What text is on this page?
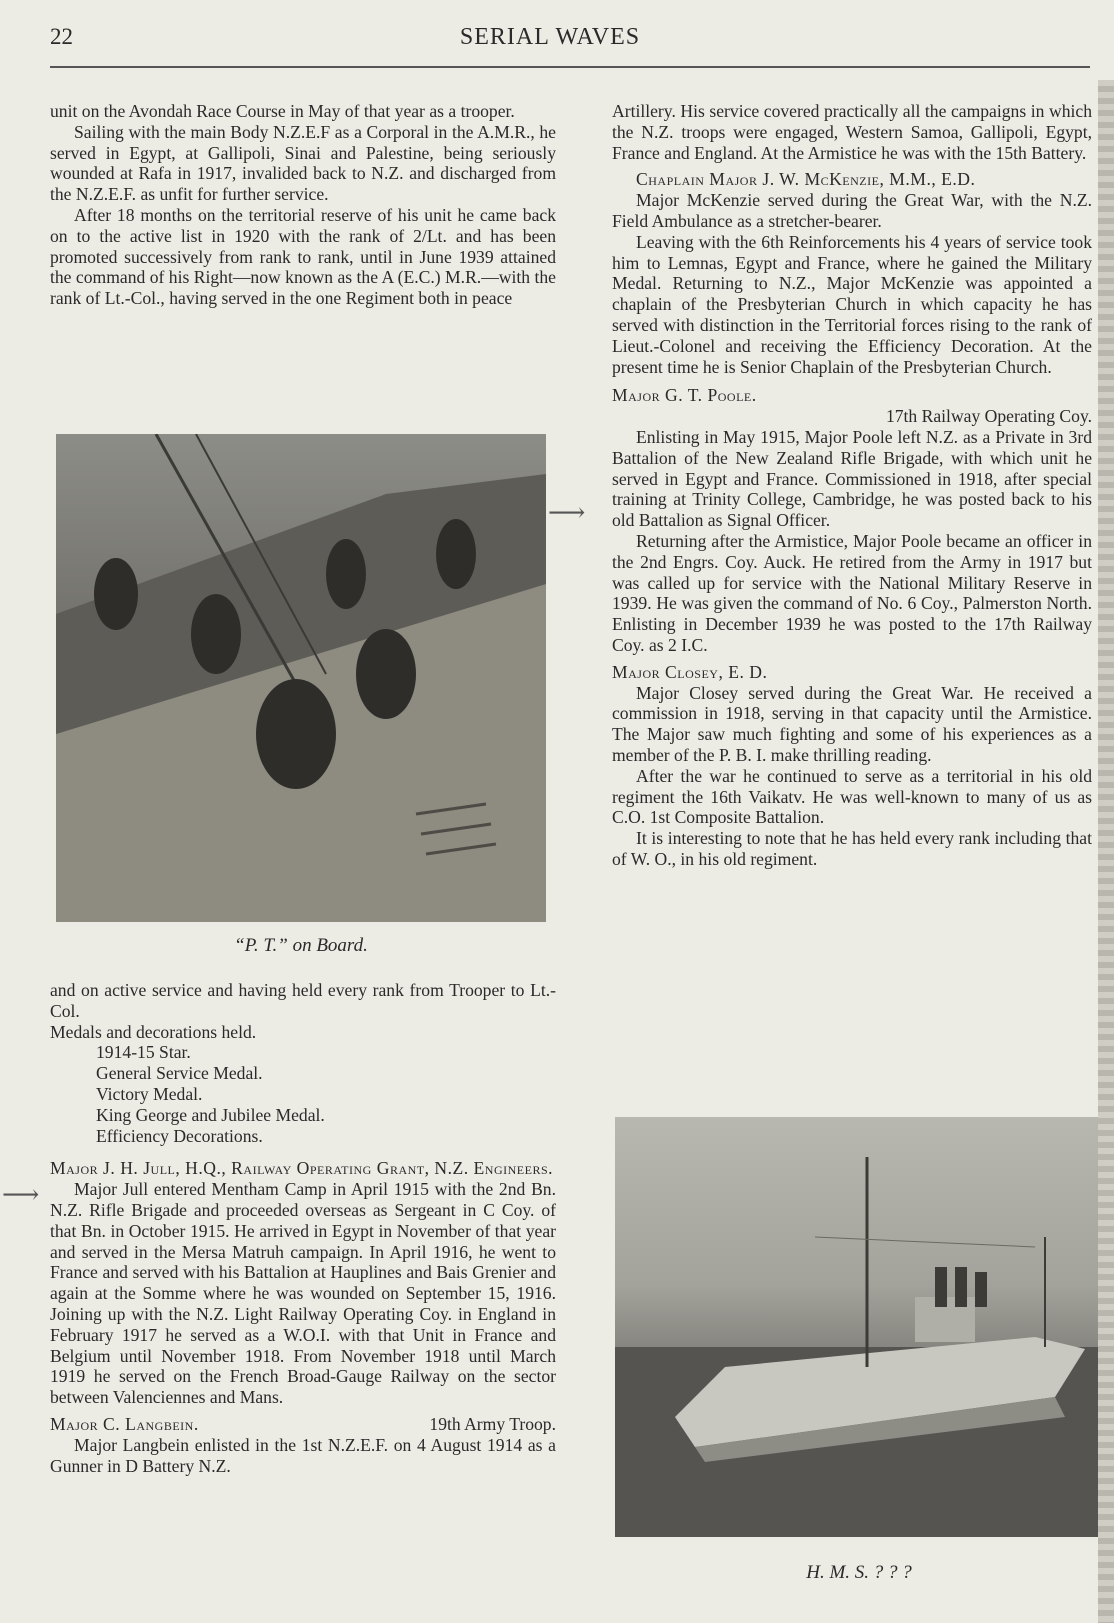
22	SERIAL WAVES

unit on the Avondah Race Course in May of that year as a trooper.

Sailing with the main Body N.Z.E.F as a Corporal in the A.M.R., he served in Egypt, at Gallipoli, Sinai and Palestine, being seriously wounded at Rafa in 1917, invalided back to N.Z. and discharged from the N.Z.E.F. as unfit for further service.

After 18 months on the territorial reserve of his unit he came back on to the active list in 1920 with the rank of 2/Lt. and has been promoted successively from rank to rank, until in June 1939 attained the command of his Right—now known as the A (E.C.) M.R.—with the rank of Lt.-Col., having served in the one Regiment both in peace

“P. T.” on Board.

and on active service and having held every rank from Trooper to Lt.-Col.

Medals and decorations held.

1914-15 Star.
General Service Medal.
Victory Medal.
King George and Jubilee Medal.
Efficiency Decorations.

Major J. H. Jull, H.Q., Railway Operating Grant, N.Z. Engineers.

Major Jull entered Mentham Camp in April 1915 with the 2nd Bn. N.Z. Rifle Brigade and proceeded overseas as Sergeant in C Coy. of that Bn. in October 1915. He arrived in Egypt in November of that year and served in the Mersa Matruh campaign. In April 1916, he went to France and served with his Battalion at Hauplines and Bais Grenier and again at the Somme where he was wounded on September 15, 1916. Joining up with the N.Z. Light Railway Operating Coy. in England in February 1917 he served as a W.O.I. with that Unit in France and Belgium until November 1918. From November 1918 until March 1919 he served on the French Broad-Gauge Railway on the sector between Valenciennes and Mans.

Major C. Langbein.	19th Army Troop.

Major Langbein enlisted in the 1st N.Z.E.F. on 4 August 1914 as a Gunner in D Battery N.Z.

⟶
⟶

Artillery. His service covered practically all the campaigns in which the N.Z. troops were engaged, Western Samoa, Gallipoli, Egypt, France and England. At the Armistice he was with the 15th Battery.

Chaplain Major J. W. McKenzie, M.M., E.D.

Major McKenzie served during the Great War, with the N.Z. Field Ambulance as a stretcher-bearer.

Leaving with the 6th Reinforcements his 4 years of service took him to Lemnas, Egypt and France, where he gained the Military Medal. Returning to N.Z., Major McKenzie was appointed a chaplain of the Presbyterian Church in which capacity he has served with distinction in the Territorial forces rising to the rank of Lieut.-Colonel and receiving the Efficiency Decoration. At the present time he is Senior Chaplain of the Presbyterian Church.

Major G. T. Poole.

17th Railway Operating Coy.

Enlisting in May 1915, Major Poole left N.Z. as a Private in 3rd Battalion of the New Zealand Rifle Brigade, with which unit he served in Egypt and France. Commissioned in 1918, after special training at Trinity College, Cambridge, he was posted back to his old Battalion as Signal Officer.

Returning after the Armistice, Major Poole became an officer in the 2nd Engrs. Coy. Auck. He retired from the Army in 1917 but was called up for service with the National Military Reserve in 1939. He was given the command of No. 6 Coy., Palmerston North. Enlisting in December 1939 he was posted to the 17th Railway Coy. as 2 I.C.

Major Closey, E. D.

Major Closey served during the Great War. He received a commission in 1918, serving in that capacity until the Armistice. The Major saw much fighting and some of his experiences as a member of the P. B. I. make thrilling reading.

After the war he continued to serve as a territorial in his old regiment the 16th Vaikatv. He was well-known to many of us as C.O. 1st Composite Battalion.

It is interesting to note that he has held every rank including that of W. O., in his old regiment.

H. M. S. ? ? ?
